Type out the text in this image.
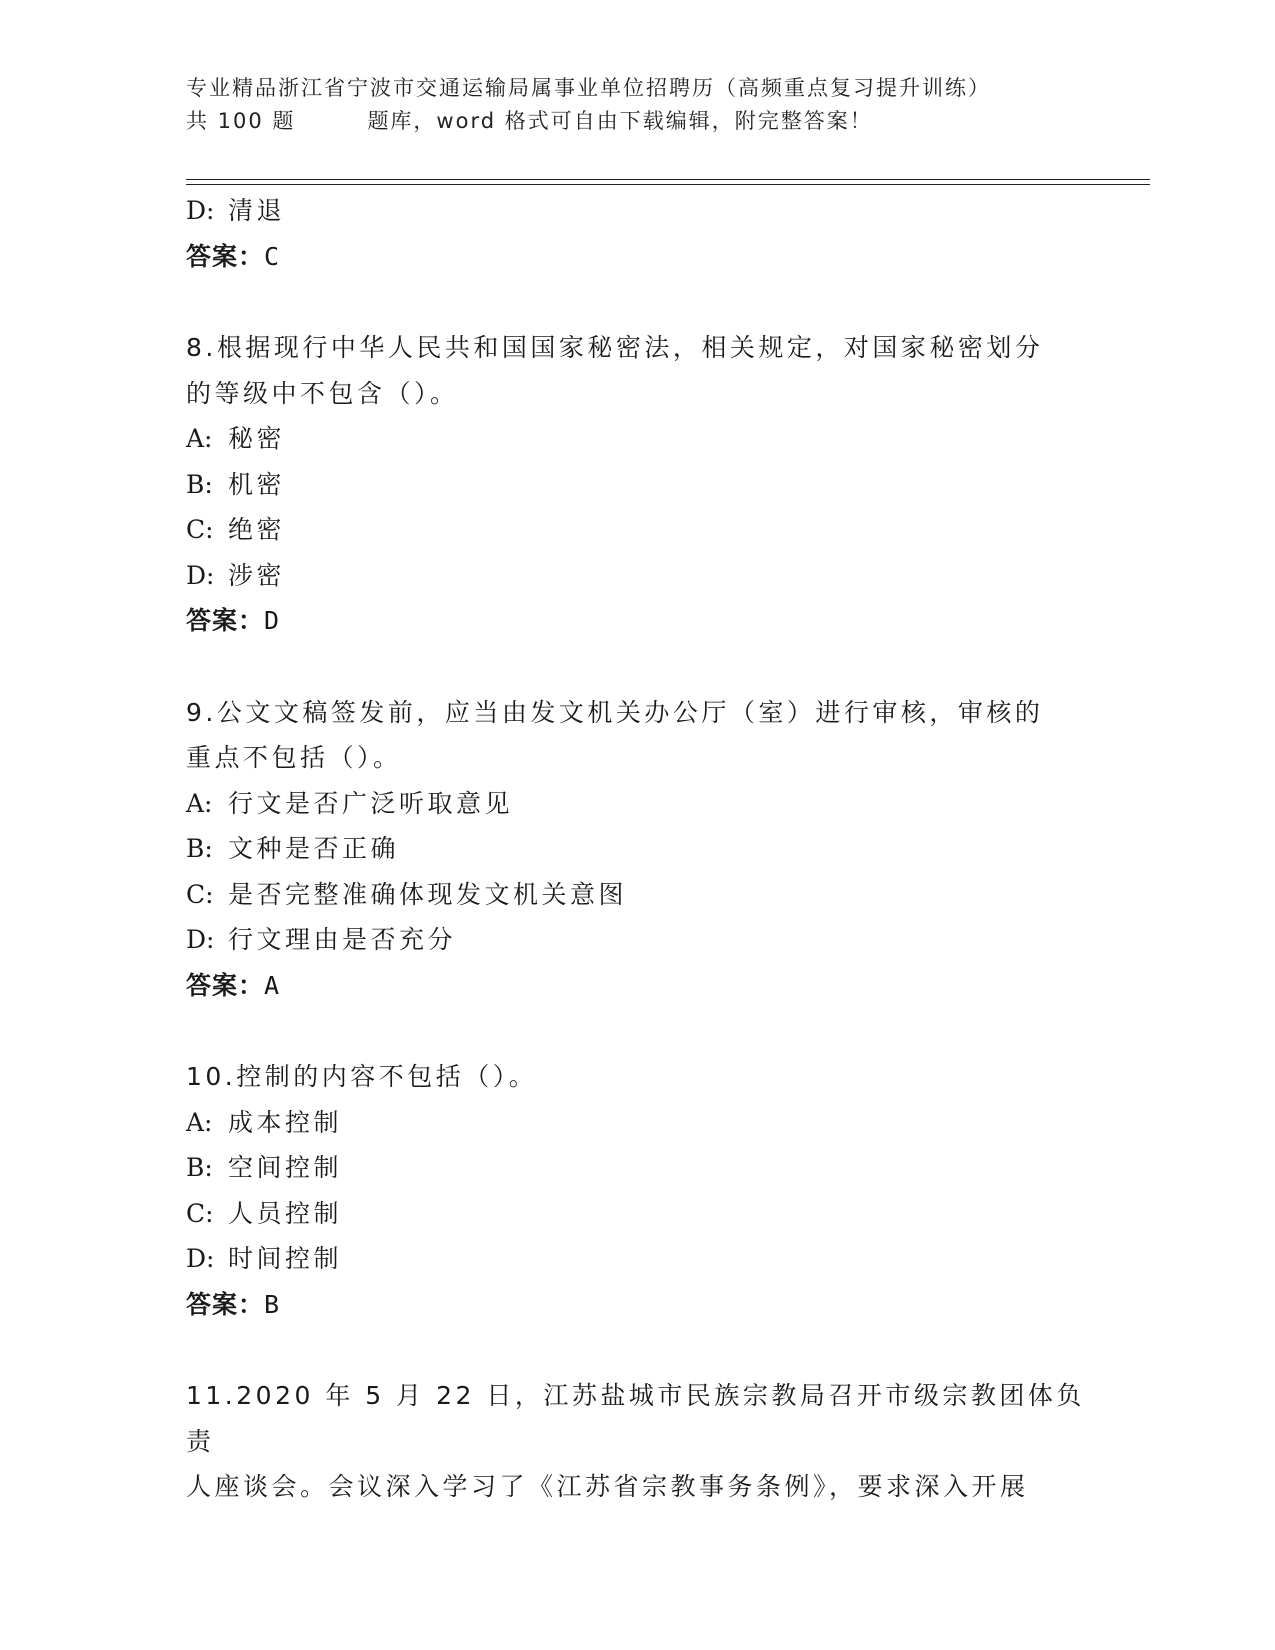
专业精品浙江省宁波市交通运输局属事业单位招聘历（高频重点复习提升训练）
共 100 题	题库，word 格式可自由下载编辑，附完整答案！
D: 清退
答案：C
8.根据现行中华人民共和国国家秘密法，相关规定，对国家秘密划分
的等级中不包含（）。
A: 秘密
B: 机密
C: 绝密
D: 涉密
答案：D
9.公文文稿签发前，应当由发文机关办公厅（室）进行审核，审核的
重点不包括（）。
A: 行文是否广泛听取意见
B: 文种是否正确
C: 是否完整准确体现发文机关意图
D: 行文理由是否充分
答案：A
10.控制的内容不包括（）。
A: 成本控制
B: 空间控制
C: 人员控制
D: 时间控制
答案：B
11.2020 年 5 月 22 日，江苏盐城市民族宗教局召开市级宗教团体负责
人座谈会。会议深入学习了《江苏省宗教事务条例》，要求深入开展
